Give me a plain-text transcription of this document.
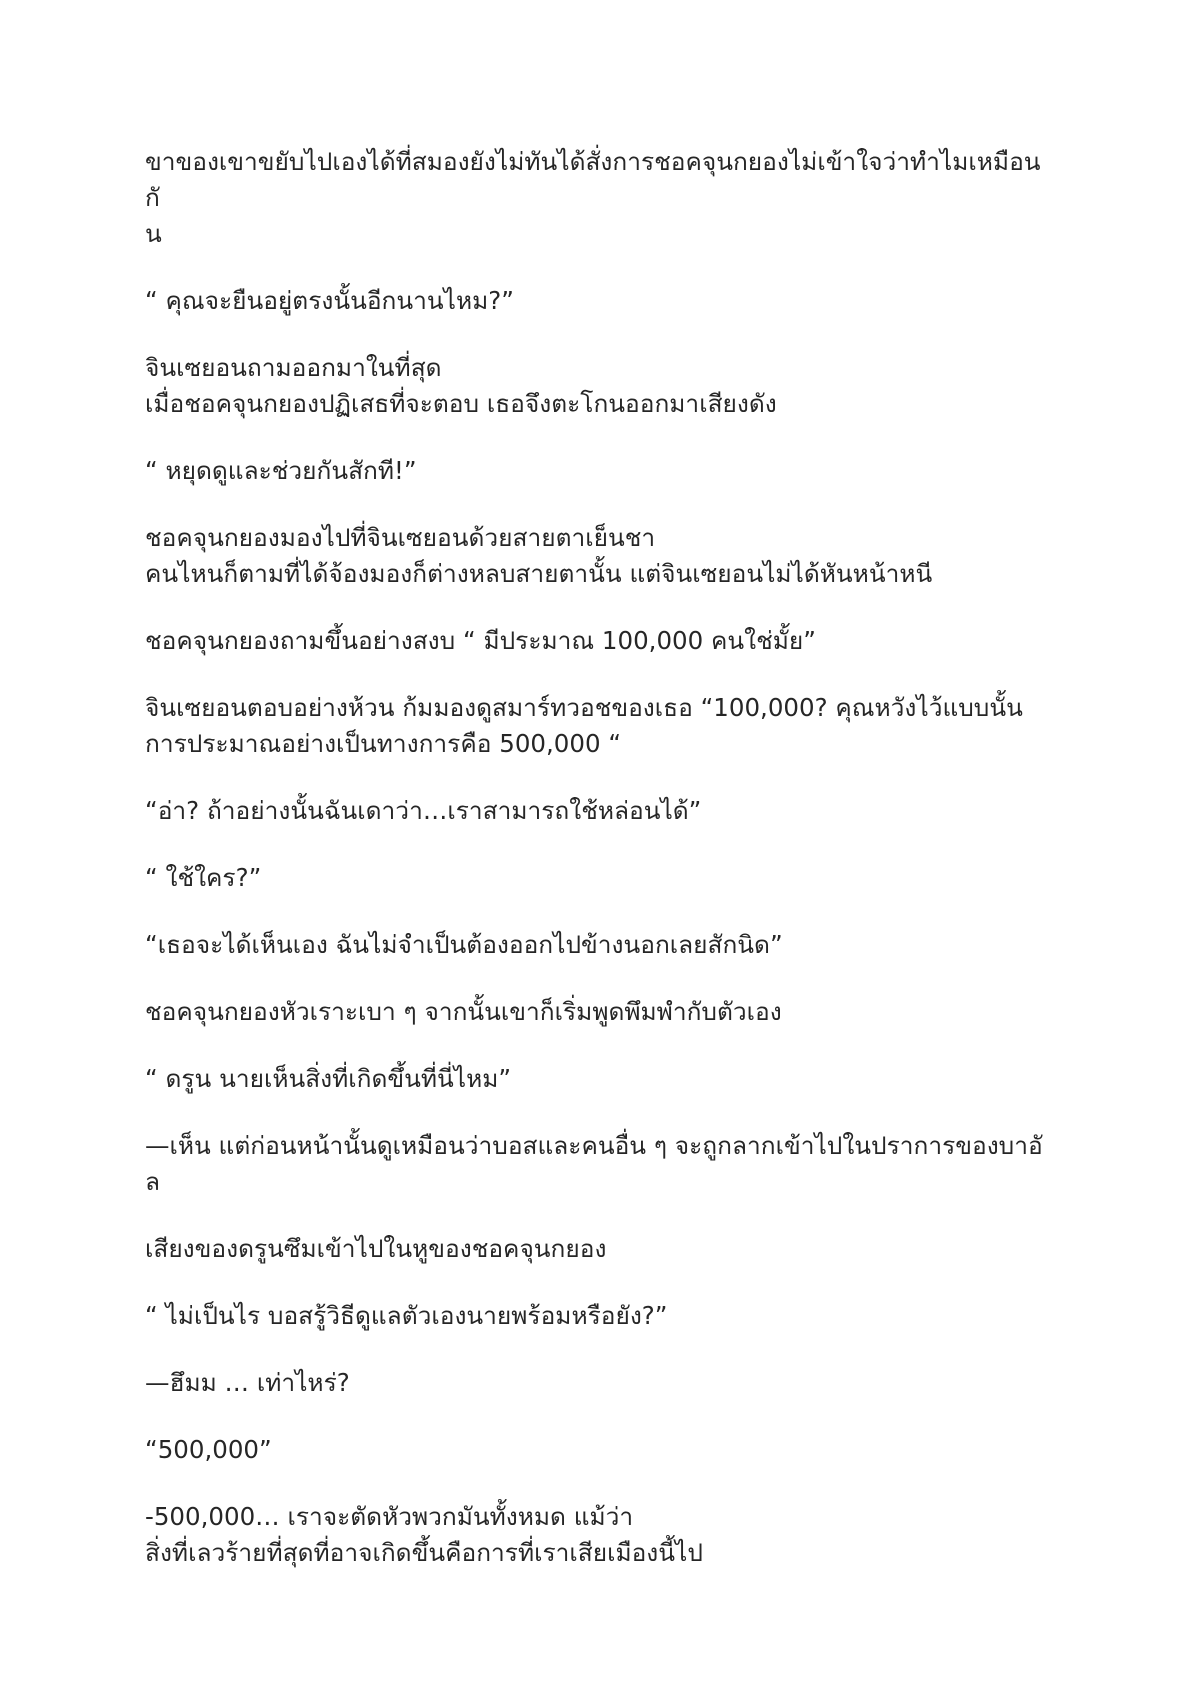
ขาของเขาขยับไปเองได้ที่สมองยังไม่ทันได้สั่งการชอคจุนกยองไม่เข้าใจว่าทำไมเหมือนกั
น

“ คุณจะยืนอยู่ตรงนั้นอีกนานไหม?”

จินเซยอนถามออกมาในที่สุด
เมื่อชอคจุนกยองปฏิเสธที่จะตอบ เธอจึงตะโกนออกมาเสียงดัง

“ หยุดดูและช่วยกันสักที!”

ชอคจุนกยองมองไปที่จินเซยอนด้วยสายตาเย็นชา
คนไหนก็ตามที่ได้จ้องมองก็ต่างหลบสายตานั้น แต่จินเซยอนไม่ได้หันหน้าหนี

ชอคจุนกยองถามขึ้นอย่างสงบ “ มีประมาณ 100,000 คนใช่มั้ย”

จินเซยอนตอบอย่างห้วน ก้มมองดูสมาร์ทวอชของเธอ “100,000? คุณหวังไว้แบบนั้น
การประมาณอย่างเป็นทางการคือ 500,000 “

“อ่า? ถ้าอย่างนั้นฉันเดาว่า…เราสามารถใช้หล่อนได้”

“ ใช้ใคร?”

“เธอจะได้เห็นเอง ฉันไม่จำเป็นต้องออกไปข้างนอกเลยสักนิด”

ชอคจุนกยองหัวเราะเบา ๆ จากนั้นเขาก็เริ่มพูดพึมพำกับตัวเอง

“ ดรูน นายเห็นสิ่งที่เกิดขึ้นที่นี่ไหม”

—เห็น แต่ก่อนหน้านั้นดูเหมือนว่าบอสและคนอื่น ๆ จะถูกลากเข้าไปในปราการของบาอัล

เสียงของดรูนซึมเข้าไปในหูของชอคจุนกยอง

“ ไม่เป็นไร บอสรู้วิธีดูแลตัวเองนายพร้อมหรือยัง?”

—ฮึมม … เท่าไหร่?

“500,000”

-500,000… เราจะตัดหัวพวกมันทั้งหมด แม้ว่า
สิ่งที่เลวร้ายที่สุดที่อาจเกิดขึ้นคือการที่เราเสียเมืองนี้ไป
